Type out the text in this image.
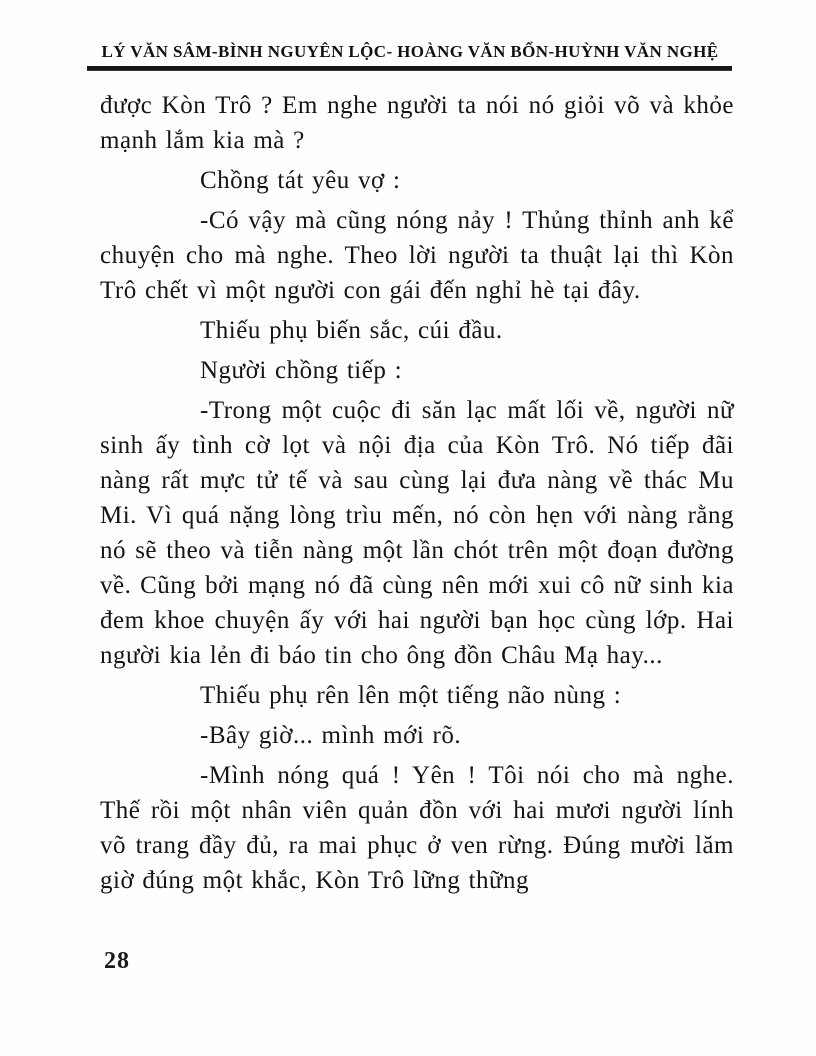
LÝ VĂN SÂM-BÌNH NGUYÊN LỘC- HOÀNG VĂN BỔN-HUỲNH VĂN NGHỆ

được Kòn Trô ? Em nghe người ta nói nó giỏi võ và khỏe mạnh lắm kia mà ?

Chồng tát yêu vợ :

-Có vậy mà cũng nóng nảy ! Thủng thỉnh anh kể chuyện cho mà nghe. Theo lời người ta thuật lại thì Kòn Trô chết vì một người con gái đến nghỉ hè tại đây.

Thiếu phụ biến sắc, cúi đầu.

Người chồng tiếp :

-Trong một cuộc đi săn lạc mất lối về, người nữ sinh ấy tình cờ lọt và nội địa của Kòn Trô. Nó tiếp đãi nàng rất mực tử tế và sau cùng lại đưa nàng về thác Mu Mi. Vì quá nặng lòng trìu mến, nó còn hẹn với nàng rằng nó sẽ theo và tiễn nàng một lần chót trên một đoạn đường về. Cũng bởi mạng nó đã cùng nên mới xui cô nữ sinh kia đem khoe chuyện ấy với hai người bạn học cùng lớp. Hai người kia lẻn đi báo tin cho ông đồn Châu Mạ hay...

Thiếu phụ rên lên một tiếng não nùng :

-Bây giờ... mình mới rõ.

-Mình nóng quá ! Yên ! Tôi nói cho mà nghe. Thế rồi một nhân viên quản đồn với hai mươi người lính võ trang đầy đủ, ra mai phục ở ven rừng. Đúng mười lăm giờ đúng một khắc, Kòn Trô lững thững

28
